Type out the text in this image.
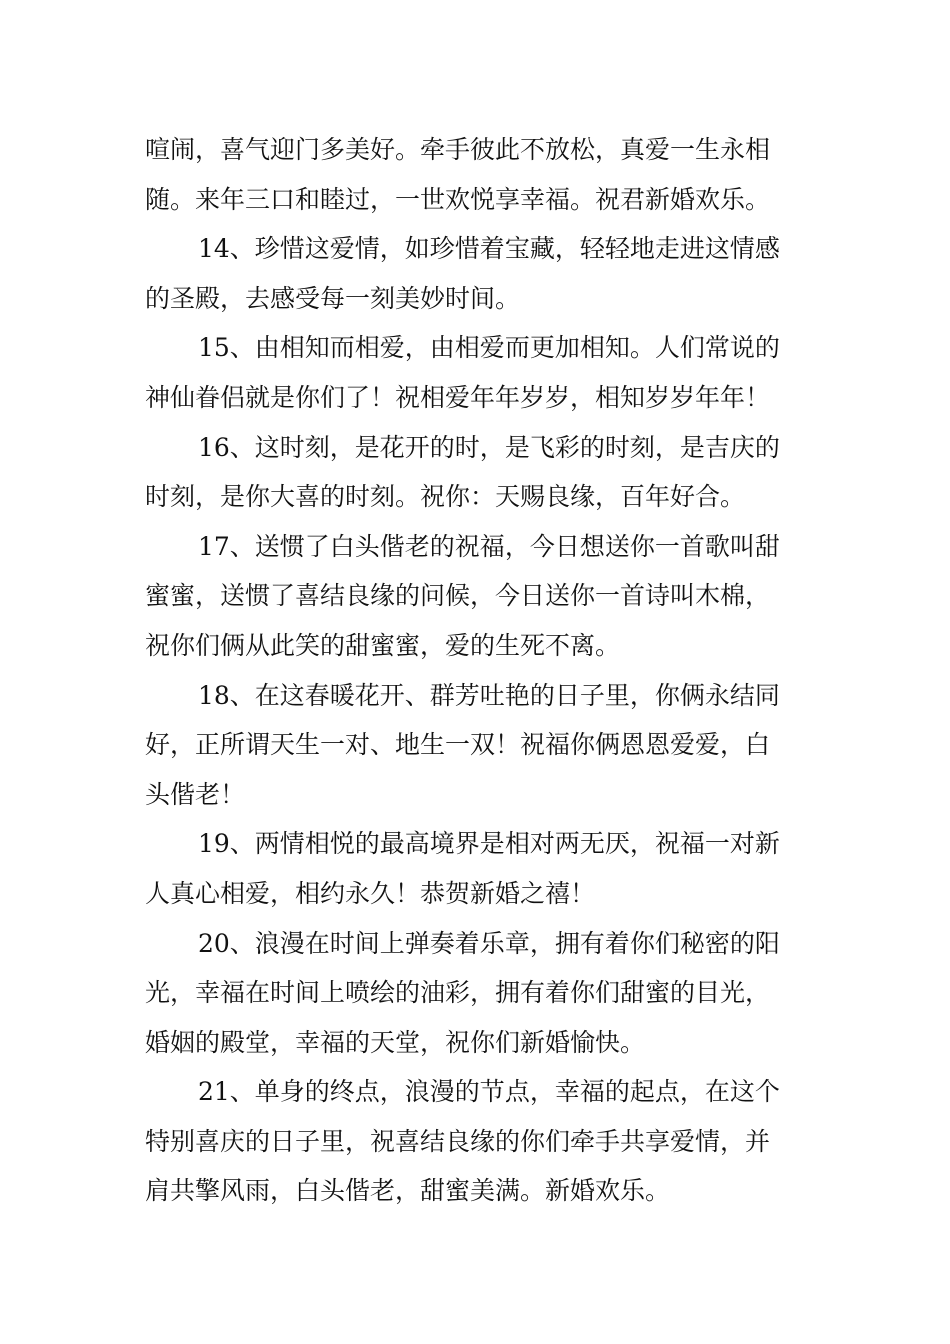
喧闹，喜气迎门多美好。牵手彼此不放松，真爱一生永相
随。来年三口和睦过，一世欢悦享幸福。祝君新婚欢乐。
14、珍惜这爱情，如珍惜着宝藏，轻轻地走进这情感
的圣殿，去感受每一刻美妙时间。
15、由相知而相爱，由相爱而更加相知。人们常说的
神仙眷侣就是你们了！祝相爱年年岁岁，相知岁岁年年！
16、这时刻，是花开的时，是飞彩的时刻，是吉庆的
时刻，是你大喜的时刻。祝你：天赐良缘，百年好合。
17、送惯了白头偕老的祝福，今日想送你一首歌叫甜
蜜蜜，送惯了喜结良缘的问候，今日送你一首诗叫木棉，
祝你们俩从此笑的甜蜜蜜，爱的生死不离。
18、在这春暖花开、群芳吐艳的日子里，你俩永结同
好，正所谓天生一对、地生一双！祝福你俩恩恩爱爱，白
头偕老！
19、两情相悦的最高境界是相对两无厌，祝福一对新
人真心相爱，相约永久！恭贺新婚之禧！
20、浪漫在时间上弹奏着乐章，拥有着你们秘密的阳
光，幸福在时间上喷绘的油彩，拥有着你们甜蜜的目光，
婚姻的殿堂，幸福的天堂，祝你们新婚愉快。
21、单身的终点，浪漫的节点，幸福的起点，在这个
特别喜庆的日子里，祝喜结良缘的你们牵手共享爱情，并
肩共擎风雨，白头偕老，甜蜜美满。新婚欢乐。
